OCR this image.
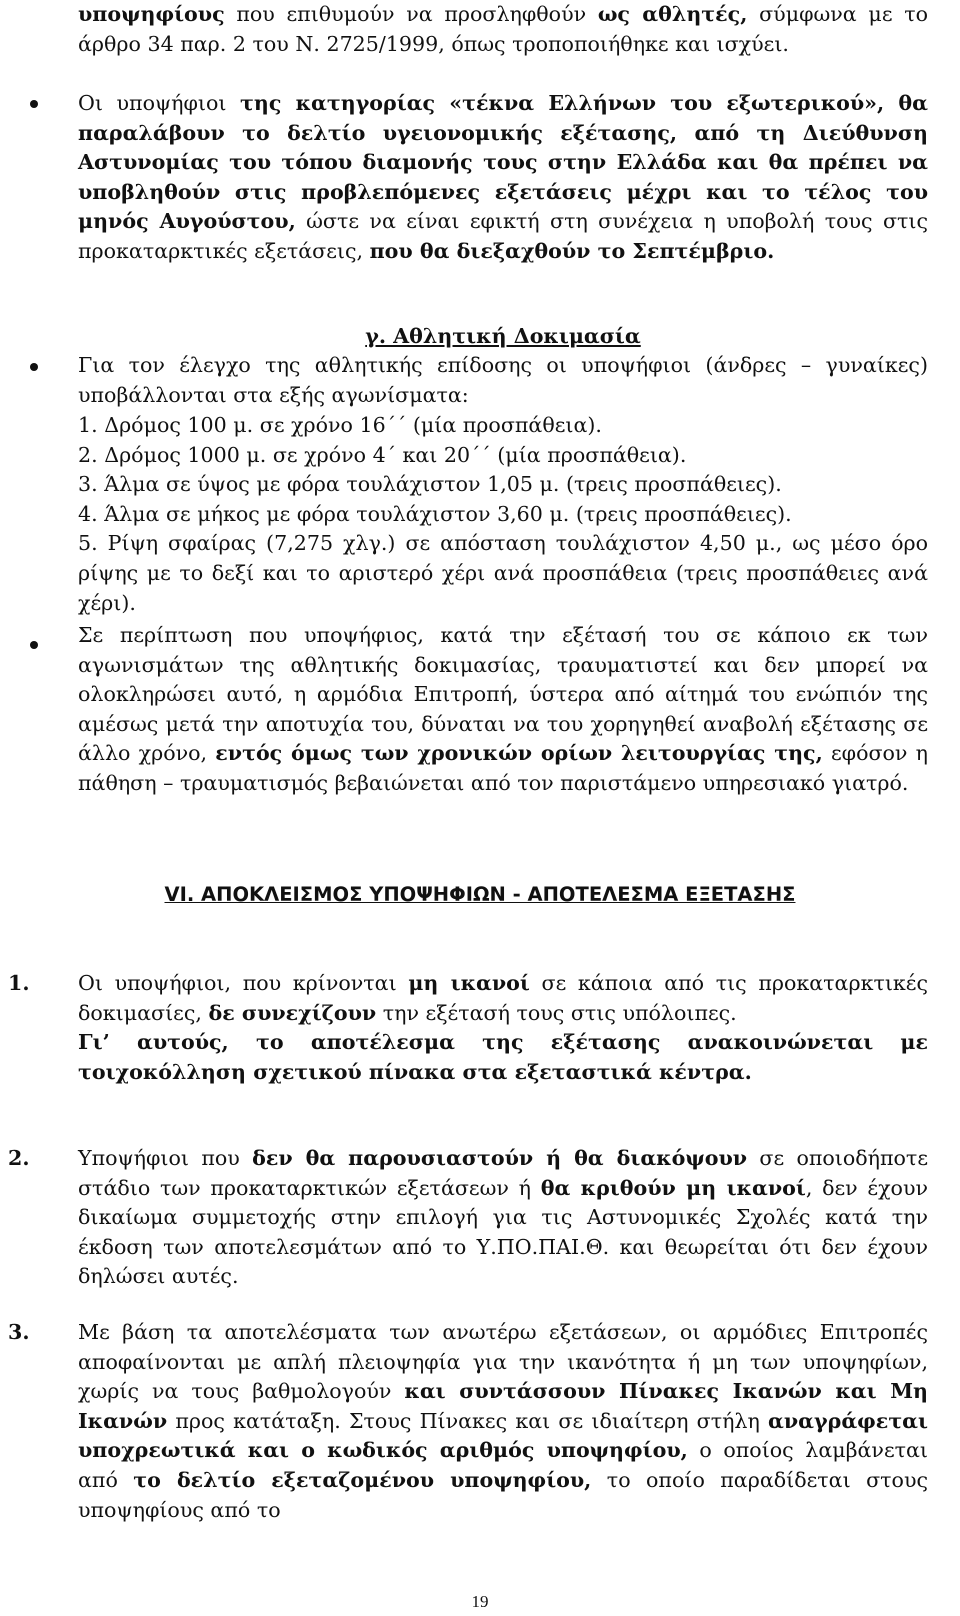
υποψηφίους που επιθυμούν να προσληφθούν ως αθλητές, σύμφωνα με το άρθρο 34 παρ. 2 του Ν. 2725/1999, όπως τροποποιήθηκε και ισχύει.
Οι υποψήφιοι της κατηγορίας «τέκνα Ελλήνων του εξωτερικού», θα παραλάβουν το δελτίο υγειονομικής εξέτασης, από τη Διεύθυνση Αστυνομίας του τόπου διαμονής τους στην Ελλάδα και θα πρέπει να υποβληθούν στις προβλεπόμενες εξετάσεις μέχρι και το τέλος του μηνός Αυγούστου, ώστε να είναι εφικτή στη συνέχεια η υποβολή τους στις προκαταρκτικές εξετάσεις, που θα διεξαχθούν το Σεπτέμβριο.
γ. Αθλητική Δοκιμασία
Για τον έλεγχο της αθλητικής επίδοσης οι υποψήφιοι (άνδρες – γυναίκες) υποβάλλονται στα εξής αγωνίσματα:
1. Δρόμος 100 μ. σε χρόνο 16΄΄ (μία προσπάθεια).
2. Δρόμος 1000 μ. σε χρόνο 4΄ και 20΄΄ (μία προσπάθεια).
3. Άλμα σε ύψος με φόρα τουλάχιστον 1,05 μ. (τρεις προσπάθειες).
4. Άλμα σε μήκος με φόρα τουλάχιστον 3,60 μ. (τρεις προσπάθειες).
5. Ρίψη σφαίρας (7,275 χλγ.) σε απόσταση τουλάχιστον 4,50 μ., ως μέσο όρο ρίψης με το δεξί και το αριστερό χέρι ανά προσπάθεια (τρεις προσπάθειες ανά χέρι).
Σε περίπτωση που υποψήφιος, κατά την εξέτασή του σε κάποιο εκ των αγωνισμάτων της αθλητικής δοκιμασίας, τραυματιστεί και δεν μπορεί να ολοκληρώσει αυτό, η αρμόδια Επιτροπή, ύστερα από αίτημά του ενώπιόν της αμέσως μετά την αποτυχία του, δύναται να του χορηγηθεί αναβολή εξέτασης σε άλλο χρόνο, εντός όμως των χρονικών ορίων λειτουργίας της, εφόσον η πάθηση – τραυματισμός βεβαιώνεται από τον παριστάμενο υπηρεσιακό γιατρό.
VI. ΑΠΟΚΛΕΙΣΜΟΣ ΥΠΟΨΗΦΙΩΝ - ΑΠΟΤΕΛΕΣΜΑ ΕΞΕΤΑΣΗΣ
1. Οι υποψήφιοι, που κρίνονται μη ικανοί σε κάποια από τις προκαταρκτικές δοκιμασίες, δε συνεχίζουν την εξέτασή τους στις υπόλοιπες.
Γι’ αυτούς, το αποτέλεσμα της εξέτασης ανακοινώνεται με τοιχοκόλληση σχετικού πίνακα στα εξεταστικά κέντρα.
2. Υποψήφιοι που δεν θα παρουσιαστούν ή θα διακόψουν σε οποιοδήποτε στάδιο των προκαταρκτικών εξετάσεων ή θα κριθούν μη ικανοί, δεν έχουν δικαίωμα συμμετοχής στην επιλογή για τις Αστυνομικές Σχολές κατά την έκδοση των αποτελεσμάτων από το Υ.ΠΟ.ΠΑΙ.Θ. και θεωρείται ότι δεν έχουν δηλώσει αυτές.
3. Με βάση τα αποτελέσματα των ανωτέρω εξετάσεων, οι αρμόδιες Επιτροπές αποφαίνονται με απλή πλειοψηφία για την ικανότητα ή μη των υποψηφίων, χωρίς να τους βαθμολογούν και συντάσσουν Πίνακες Ικανών και Μη Ικανών προς κατάταξη. Στους Πίνακες και σε ιδιαίτερη στήλη αναγράφεται υποχρεωτικά και ο κωδικός αριθμός υποψηφίου, ο οποίος λαμβάνεται από το δελτίο εξεταζομένου υποψηφίου, το οποίο παραδίδεται στους υποψηφίους από το
19
